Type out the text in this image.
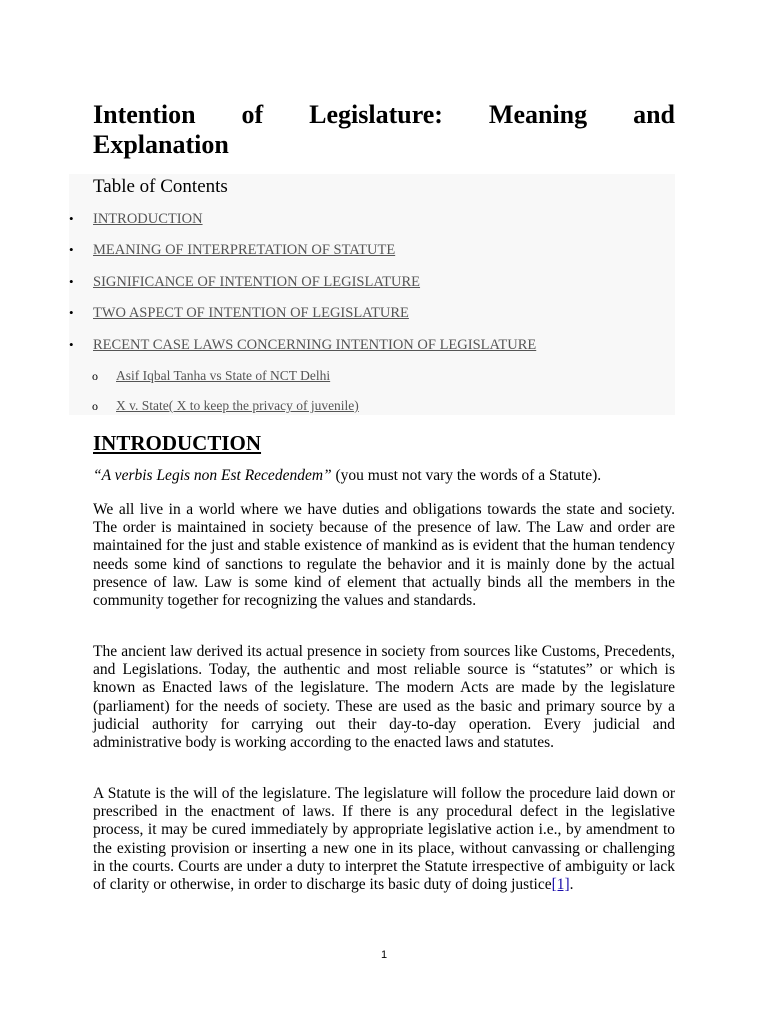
Intention of Legislature: Meaning and
Explanation
Table of Contents
• INTRODUCTION
• MEANING OF INTERPRETATION OF STATUTE
• SIGNIFICANCE OF INTENTION OF LEGISLATURE
• TWO ASPECT OF INTENTION OF LEGISLATURE
• RECENT CASE LAWS CONCERNING INTENTION OF LEGISLATURE
o Asif Iqbal Tanha vs State of NCT Delhi
o X v. State( X to keep the privacy of juvenile)
INTRODUCTION

“A verbis Legis non Est Recedendem” (you must not vary the words of a Statute).

We all live in a world where we have duties and obligations towards the state and society. The order is maintained in society because of the presence of law. The Law and order are maintained for the just and stable existence of mankind as is evident that the human tendency needs some kind of sanctions to regulate the behavior and it is mainly done by the actual presence of law. Law is some kind of element that actually binds all the members in the community together for recognizing the values and standards.

The ancient law derived its actual presence in society from sources like Customs, Precedents, and Legislations. Today, the authentic and most reliable source is “statutes” or which is known as Enacted laws of the legislature. The modern Acts are made by the legislature (parliament) for the needs of society. These are used as the basic and primary source by a judicial authority for carrying out their day-to-day operation. Every judicial and administrative body is working according to the enacted laws and statutes.

A Statute is the will of the legislature. The legislature will follow the procedure laid down or prescribed in the enactment of laws. If there is any procedural defect in the legislative process, it may be cured immediately by appropriate legislative action i.e., by amendment to the existing provision or inserting a new one in its place, without canvassing or challenging in the courts. Courts are under a duty to interpret the Statute irrespective of ambiguity or lack of clarity or otherwise, in order to discharge its basic duty of doing justice[1].

1
